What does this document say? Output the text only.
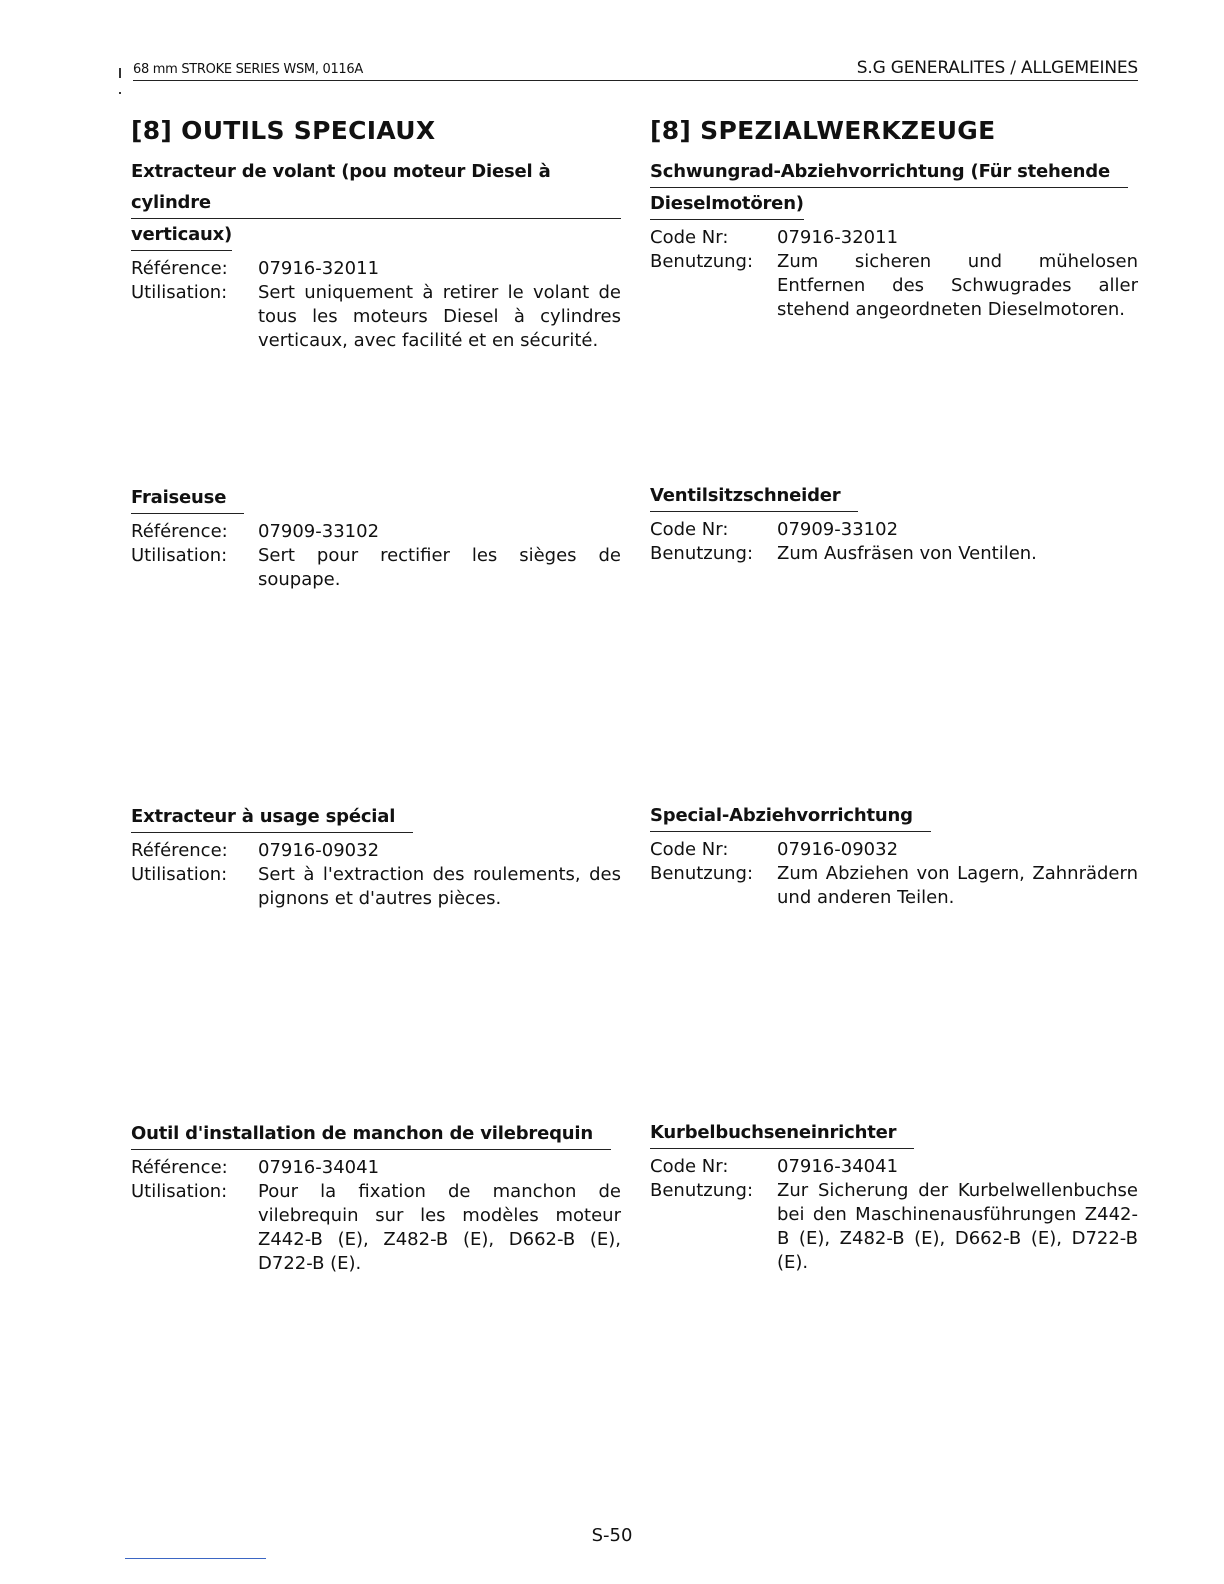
68 mm STROKE SERIES WSM, 0116A	S.G GENERALITES / ALLGEMEINES
[8] OUTILS SPECIAUX
Extracteur de volant (pou moteur Diesel à cylindre
verticaux)
Référence:	07916-32011
Utilisation:	Sert uniquement à retirer le volant de tous les moteurs Diesel à cylindres verticaux, avec facilité et en sécurité.
Fraiseuse
Référence:	07909-33102
Utilisation:	Sert pour rectifier les sièges de soupape.
Extracteur à usage spécial
Référence:	07916-09032
Utilisation:	Sert à l'extraction des roulements, des pignons et d'autres pièces.
Outil d'installation de manchon de vilebrequin
Référence:	07916-34041
Utilisation:	Pour la fixation de manchon de vilebrequin sur les modèles moteur Z442-B (E), Z482-B (E), D662-B (E), D722-B (E).
[8] SPEZIALWERKZEUGE
Schwungrad-Abziehvorrichtung (Für stehende
Dieselmotören)
Code Nr:	07916-32011
Benutzung:	Zum sicheren und mühelosen Entfernen des Schwugrades aller stehend angeordneten Dieselmotoren.
Ventilsitzschneider
Code Nr:	07909-33102
Benutzung:	Zum Ausfräsen von Ventilen.
Special-Abziehvorrichtung
Code Nr:	07916-09032
Benutzung:	Zum Abziehen von Lagern, Zahnrädern und anderen Teilen.
Kurbelbuchseneinrichter
Code Nr:	07916-34041
Benutzung:	Zur Sicherung der Kurbelwellenbuchse bei den Maschinenausführungen Z442-B (E), Z482-B (E), D662-B (E), D722-B (E).
S-50
